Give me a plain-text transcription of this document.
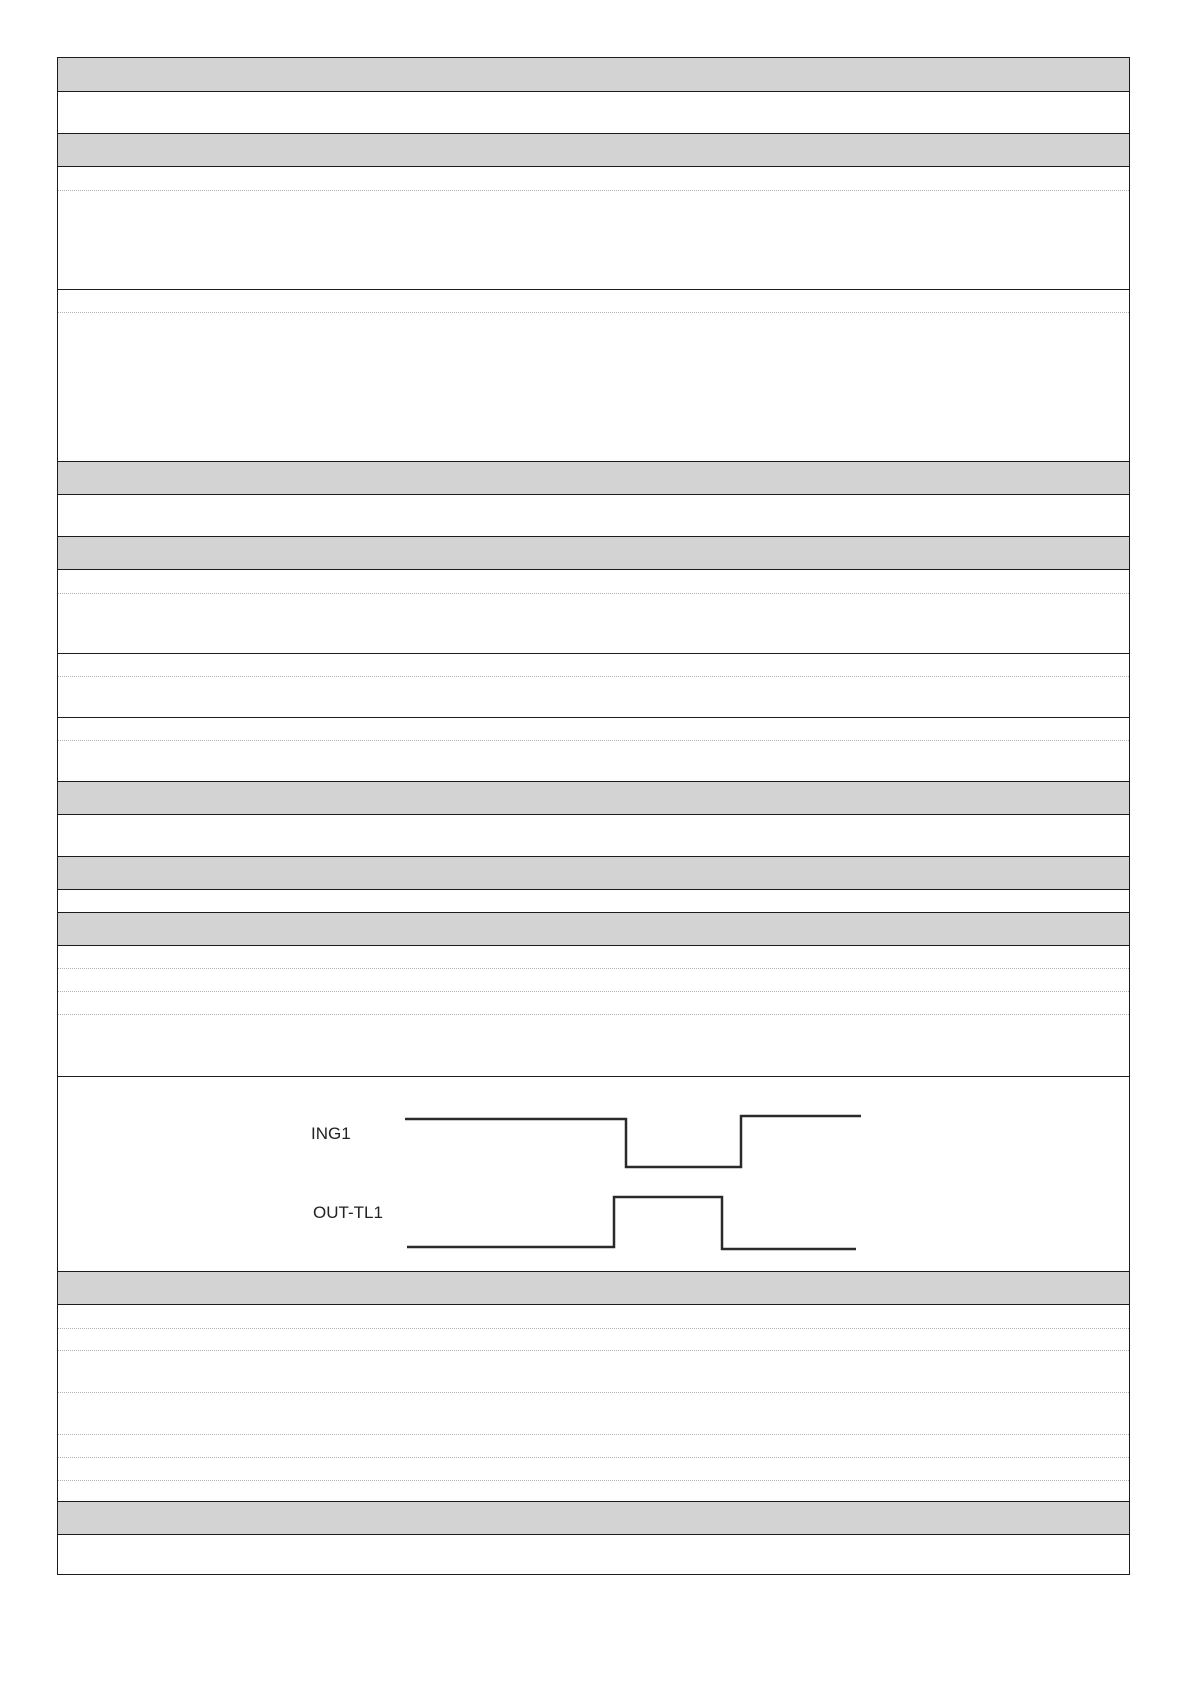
ING1
OUT-TL1
